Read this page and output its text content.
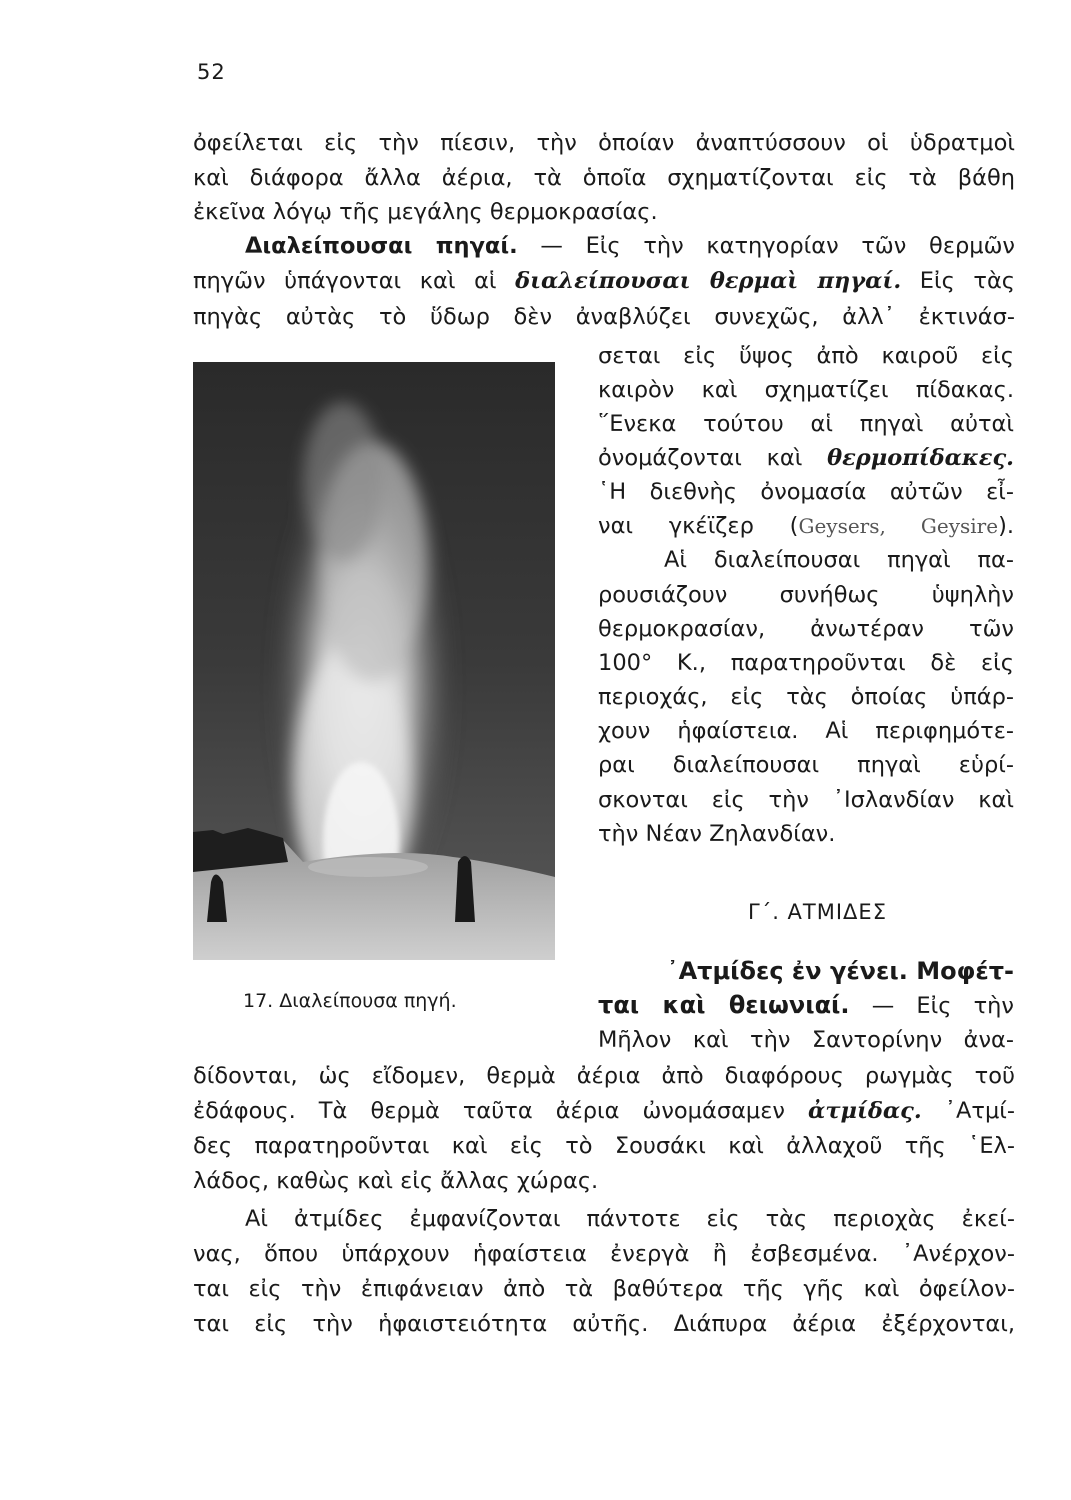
52
ὀφείλεται εἰς τὴν πίεσιν, τὴν ὁποίαν ἀναπτύσσουν οἱ ὑδρατμοὶ
καὶ διάφορα ἄλλα ἀέρια, τὰ ὁποῖα σχηματίζονται εἰς τὰ βάθη
ἐκεῖνα λόγῳ τῆς μεγάλης θερμοκρασίας.
Διαλείπουσαι πηγαί. — Εἰς τὴν κατηγορίαν τῶν θερμῶν
πηγῶν ὑπάγονται καὶ αἱ διαλείπουσαι θερμαὶ πηγαί. Εἰς τὰς
πηγὰς αὐτὰς τὸ ὕδωρ δὲν ἀναβλύζει συνεχῶς, ἀλλ᾽ ἐκτινάσ-
σεται εἰς ὕψος ἀπὸ καιροῦ εἰς
καιρὸν καὶ σχηματίζει πίδακας.
῞Ενεκα τούτου αἱ πηγαὶ αὐταὶ
ὀνομάζονται καὶ θερμοπίδακες.
῾Η διεθνὴς ὀνομασία αὐτῶν εἶ-
ναι γκέϊζερ (Geysers, Geysire).
Αἱ διαλείπουσαι πηγαὶ πα-
ρουσιάζουν συνήθως ὑψηλὴν
θερμοκρασίαν, ἀνωτέραν τῶν
100° Κ., παρατηροῦνται δὲ εἰς
περιοχάς, εἰς τὰς ὁποίας ὑπάρ-
χουν ἡφαίστεια. Αἱ περιφημότε-
ραι διαλείπουσαι πηγαὶ εὑρί-
σκονται εἰς τὴν ᾿Ισλανδίαν καὶ
τὴν Νέαν Ζηλανδίαν.
17. Διαλείπουσα πηγή.
Γ΄. ΑΤΜΙΔΕΣ
᾿Ατμίδες ἐν γένει. Μοφέτ-
ται καὶ θειωνιαί. — Εἰς τὴν
Μῆλον καὶ τὴν Σαντορίνην ἀνα-
δίδονται, ὡς εἴδομεν, θερμὰ ἀέρια ἀπὸ διαφόρους ρωγμὰς τοῦ
ἐδάφους. Τὰ θερμὰ ταῦτα ἀέρια ὠνομάσαμεν ἀτμίδας. ᾿Ατμί-
δες παρατηροῦνται καὶ εἰς τὸ Σουσάκι καὶ ἀλλαχοῦ τῆς ῾Ελ-
λάδος, καθὼς καὶ εἰς ἄλλας χώρας.
Αἱ ἀτμίδες ἐμφανίζονται πάντοτε εἰς τὰς περιοχὰς ἐκεί-
νας, ὅπου ὑπάρχουν ἡφαίστεια ἐνεργὰ ἢ ἐσβεσμένα. ᾿Ανέρχον-
ται εἰς τὴν ἐπιφάνειαν ἀπὸ τὰ βαθύτερα τῆς γῆς καὶ ὀφείλον-
ται εἰς τὴν ἡφαιστειότητα αὐτῆς. Διάπυρα ἀέρια ἐξέρχονται,
